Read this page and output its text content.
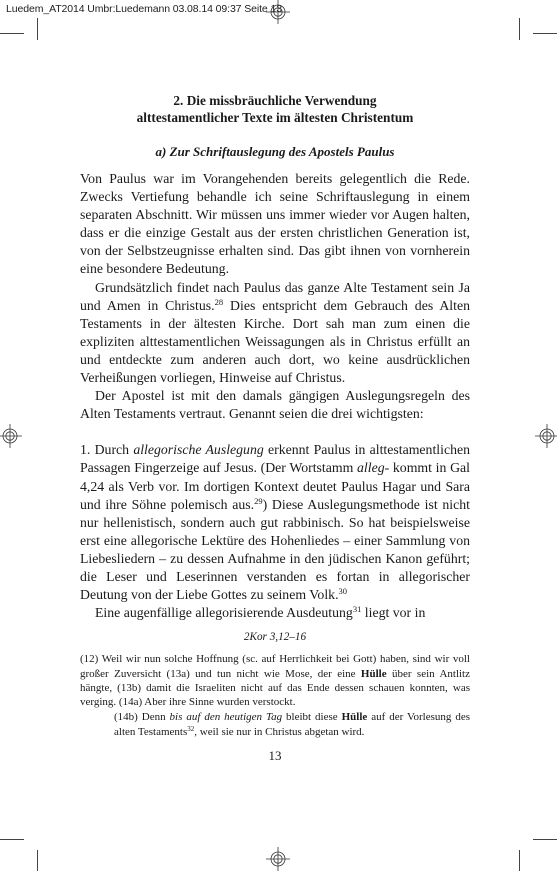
Luedem_AT2014 Umbr:Luedemann 03.08.14 09:37 Seite 13

2. Die missbräuchliche Verwendung
alttestamentlicher Texte im ältesten Christentum
a) Zur Schriftauslegung des Apostels Paulus

Von Paulus war im Vorangehenden bereits gelegentlich die Rede. Zwecks Vertiefung behandle ich seine Schriftauslegung in einem separaten Abschnitt. Wir müssen uns immer wieder vor Augen halten, dass er die einzige Gestalt aus der ersten christlichen Generation ist, von der Selbstzeugnisse erhalten sind. Das gibt ihnen von vornherein eine besondere Bedeutung.

Grundsätzlich findet nach Paulus das ganze Alte Testament sein Ja und Amen in Christus.$^{28}$ Dies entspricht dem Gebrauch des Alten Testaments in der ältesten Kirche. Dort sah man zum einen die expliziten alttestamentlichen Weissagungen als in Christus erfüllt an und entdeckte zum anderen auch dort, wo keine ausdrücklichen Verheißungen vorliegen, Hinweise auf Christus.

Der Apostel ist mit den damals gängigen Auslegungsregeln des Alten Testaments vertraut. Genannt seien die drei wichtigsten:

1. Durch allegorische Auslegung erkennt Paulus in alttestamentlichen Passagen Fingerzeige auf Jesus. (Der Wortstamm alleg- kommt in Gal 4,24 als Verb vor. Im dortigen Kontext deutet Paulus Hagar und Sara und ihre Söhne polemisch aus.$^{29}$) Diese Auslegungsmethode ist nicht nur hellenistisch, sondern auch gut rabbinisch. So hat beispielsweise erst eine allegorische Lektüre des Hohenliedes – einer Sammlung von Liebesliedern – zu dessen Aufnahme in den jüdischen Kanon geführt; die Leser und Leserinnen verstanden es fortan in allegorischer Deutung von der Liebe Gottes zu seinem Volk.$^{30}$

Eine augenfällige allegorisierende Ausdeutung$^{31}$ liegt vor in

2Kor 3,12–16

(12) Weil wir nun solche Hoffnung (sc. auf Herrlichkeit bei Gott) haben, sind wir voll großer Zuversicht (13a) und tun nicht wie Mose, der eine Hülle über sein Antlitz hängte, (13b) damit die Israeliten nicht auf das Ende dessen schauen konnten, was verging. (14a) Aber ihre Sinne wurden verstockt.

(14b) Denn bis auf den heutigen Tag bleibt diese Hülle auf der Vorlesung des alten Testaments$^{32}$, weil sie nur in Christus abgetan wird.

13
